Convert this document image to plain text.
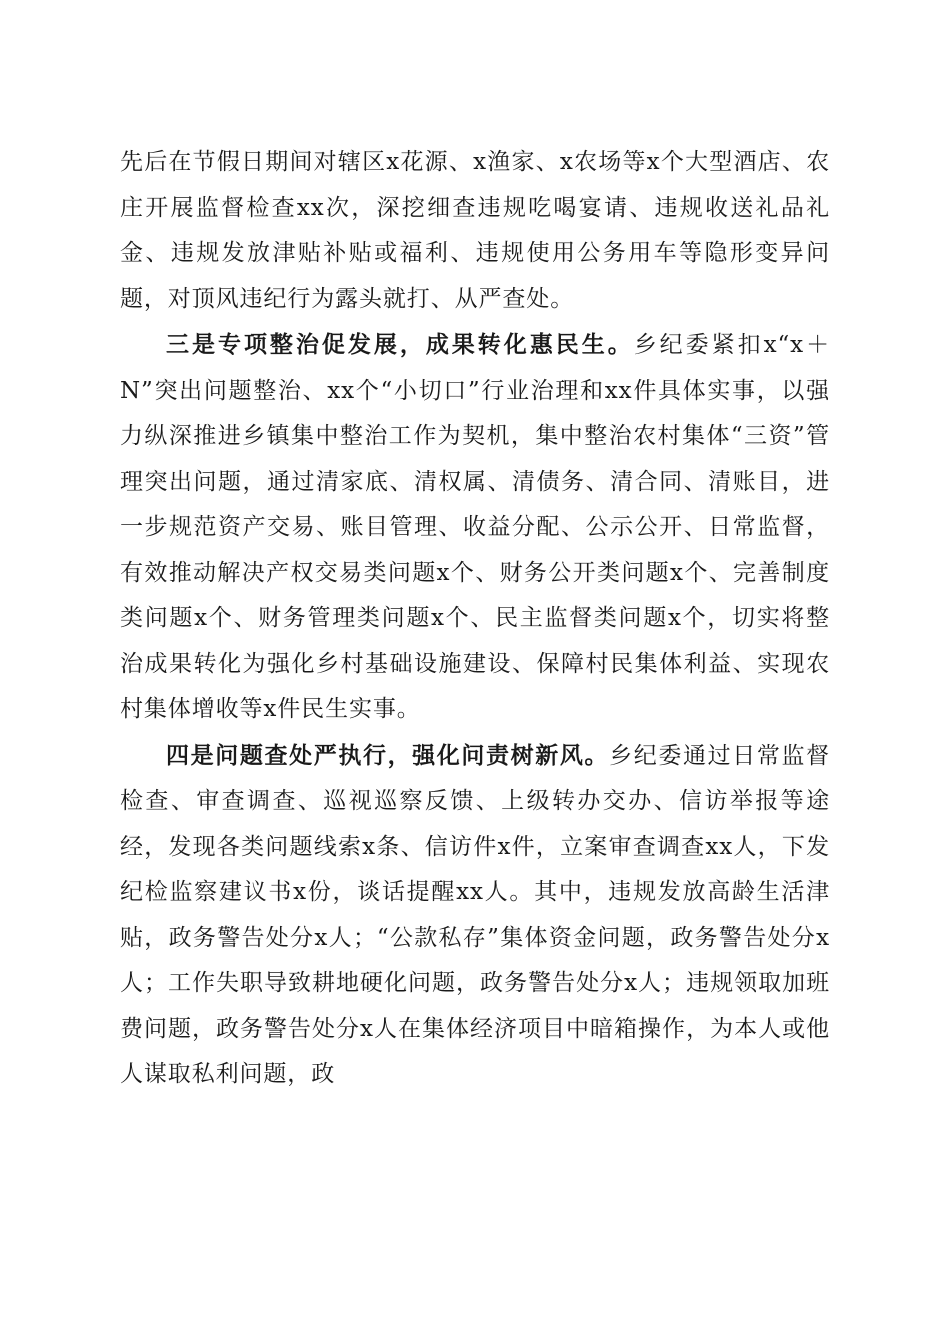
先后在节假日期间对辖区x花源、x渔家、x农场等x个大型酒店、农庄开展监督检查xx次，深挖细查违规吃喝宴请、违规收送礼品礼金、违规发放津贴补贴或福利、违规使用公务用车等隐形变异问题，对顶风违纪行为露头就打、从严查处。

三是专项整治促发展，成果转化惠民生。乡纪委紧扣x“x＋N”突出问题整治、xx个“小切口”行业治理和xx件具体实事，以强力纵深推进乡镇集中整治工作为契机，集中整治农村集体“三资”管理突出问题，通过清家底、清权属、清债务、清合同、清账目，进一步规范资产交易、账目管理、收益分配、公示公开、日常监督，有效推动解决产权交易类问题x个、财务公开类问题x个、完善制度类问题x个、财务管理类问题x个、民主监督类问题x个，切实将整治成果转化为强化乡村基础设施建设、保障村民集体利益、实现农村集体增收等x件民生实事。

四是问题查处严执行，强化问责树新风。乡纪委通过日常监督检查、审查调查、巡视巡察反馈、上级转办交办、信访举报等途经，发现各类问题线索x条、信访件x件，立案审查调查xx人，下发纪检监察建议书x份，谈话提醒xx人。其中，违规发放高龄生活津贴，政务警告处分x人；“公款私存”集体资金问题，政务警告处分x人；工作失职导致耕地硬化问题，政务警告处分x人；违规领取加班费问题，政务警告处分x人在集体经济项目中暗箱操作，为本人或他人谋取私利问题，政
